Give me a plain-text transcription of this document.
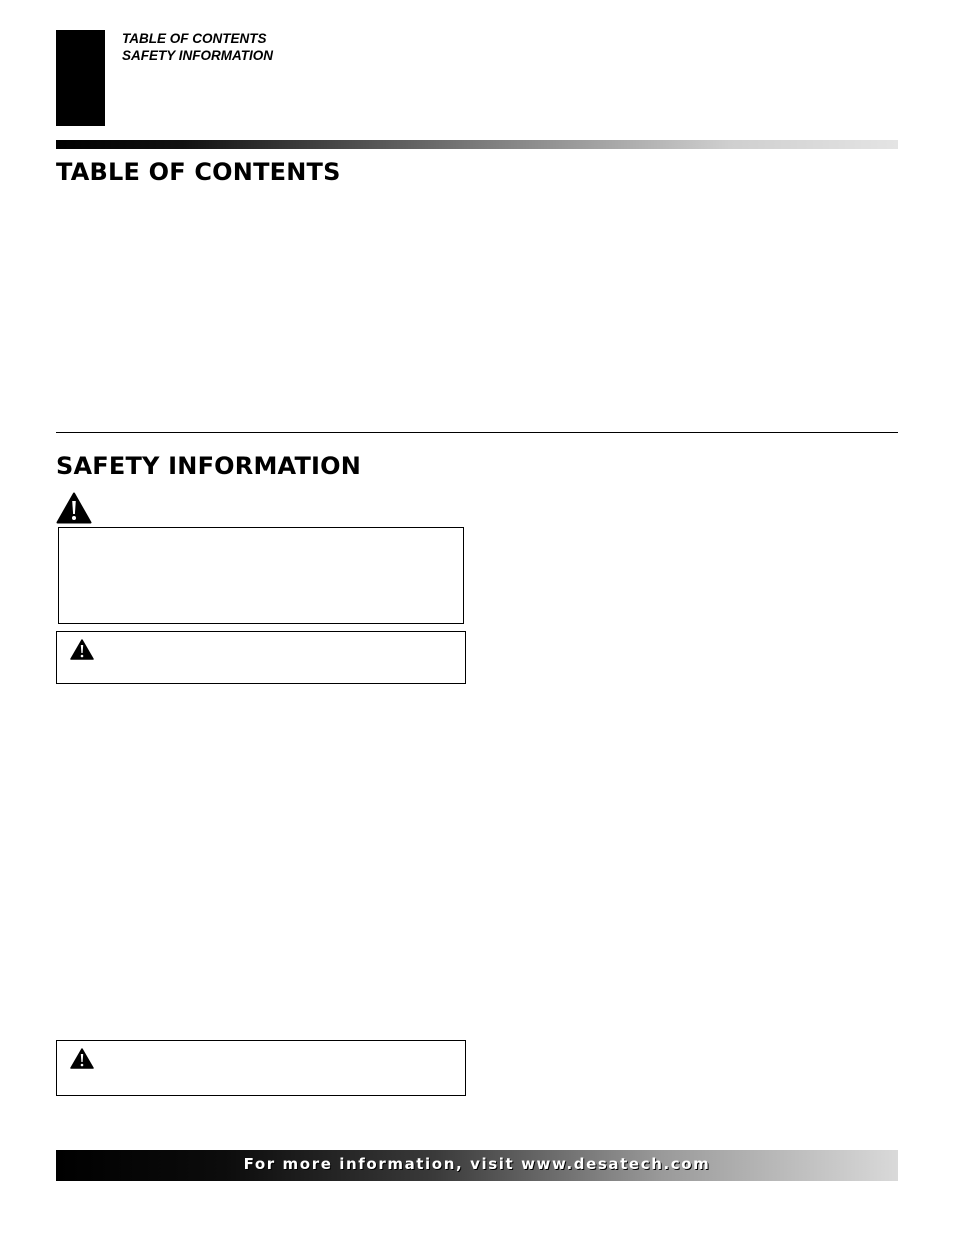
TABLE OF CONTENTS
SAFETY INFORMATION
TABLE OF CONTENTS
SAFETY INFORMATION
For more information, visit www.desatech.com
